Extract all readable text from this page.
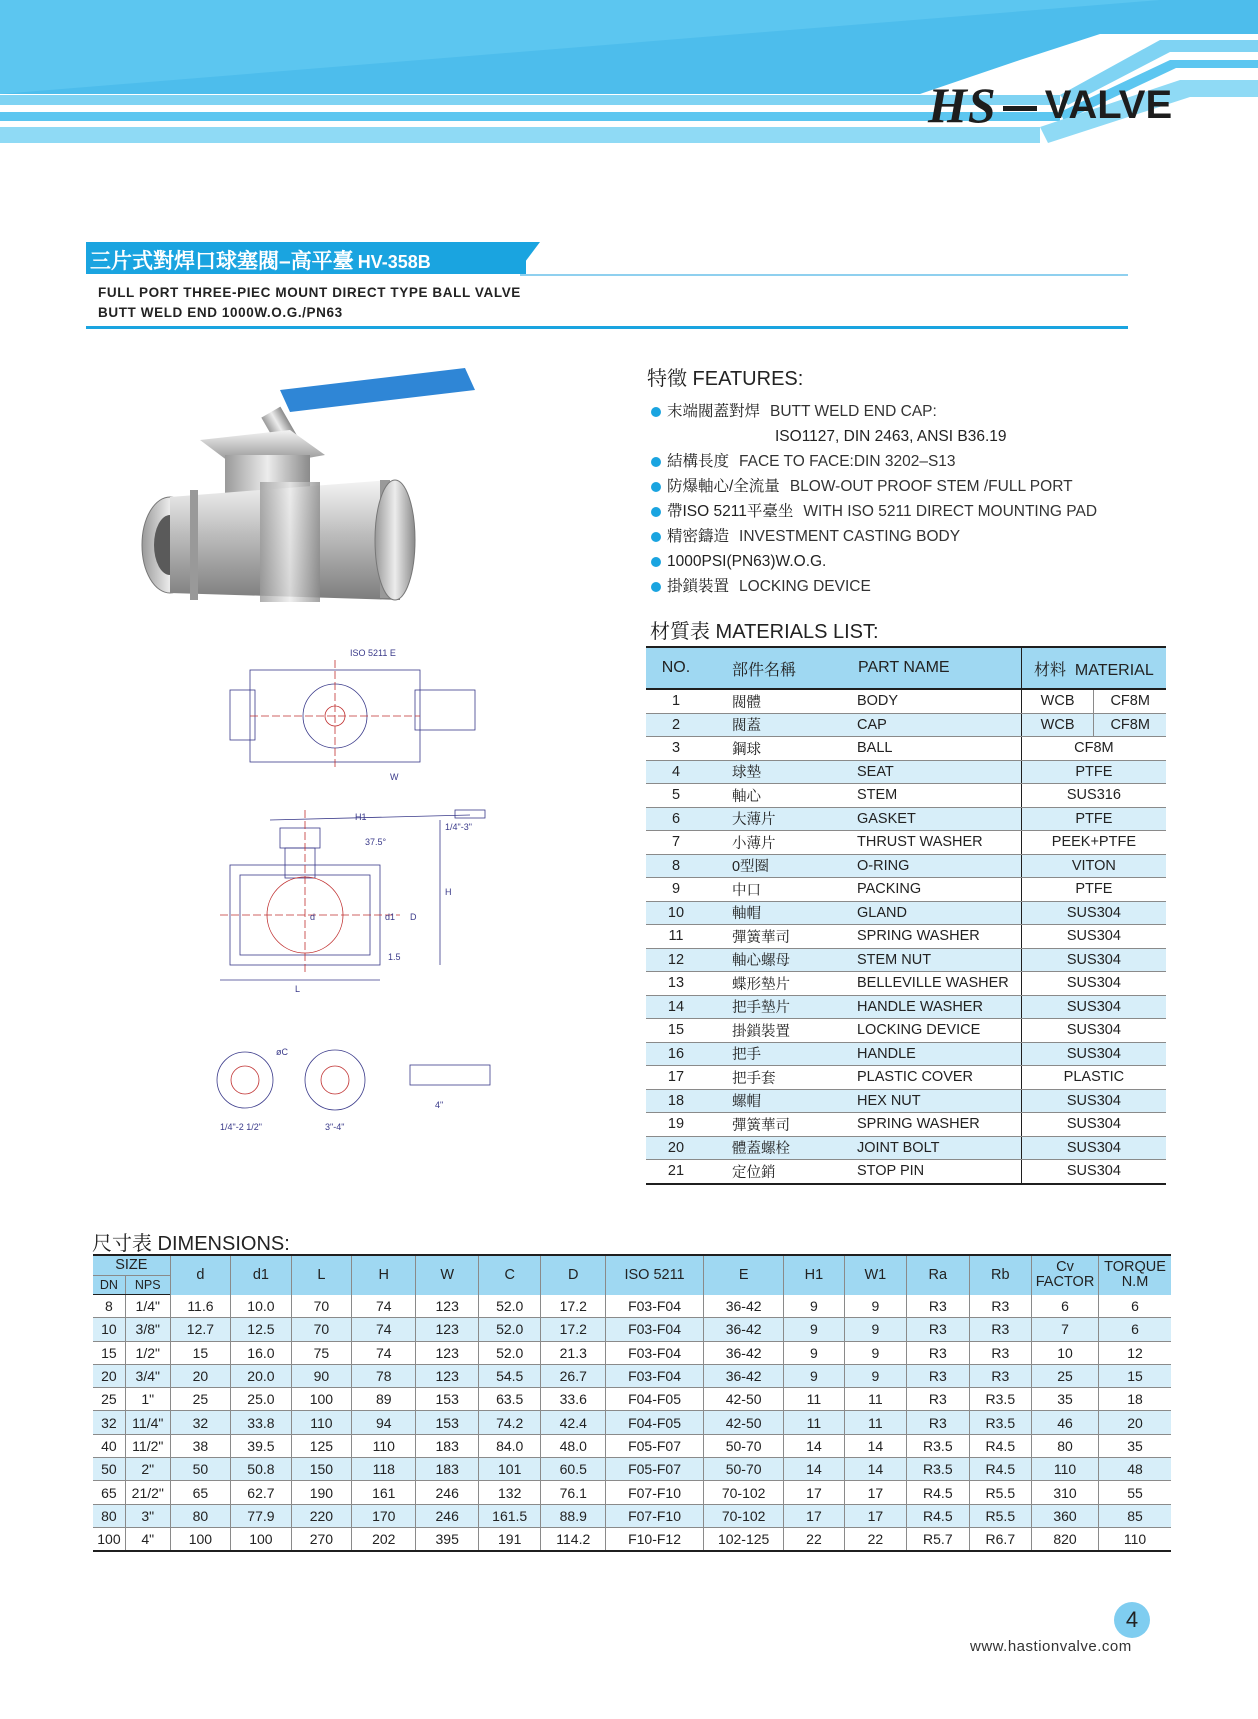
HS VALVE
三片式對焊口球塞閥–高平臺 HV-358B
FULL PORT THREE-PIEC MOUNT DIRECT TYPE BALL VALVE
BUTT WELD END 1000W.O.G./PN63
ISO 5211 E
W
1/4"-3"
L
H
37.5°
H1
d	d1 D
1.5
1/4"-2 1/2"	3"-4"
4"
øC
特徵 FEATURES:
末端閥蓋對焊 BUTT WELD END CAP:
ISO1127, DIN 2463, ANSI B36.19
結構長度 FACE TO FACE:DIN 3202–S13
防爆軸心/全流量 BLOW-OUT PROOF STEM /FULL PORT
帶ISO 5211平臺坐 WITH ISO 5211 DIRECT MOUNTING PAD
精密鑄造 INVESTMENT CASTING BODY
1000PSI(PN63)W.O.G.
掛鎖裝置 LOCKING DEVICE
材質表 MATERIALS LIST:
NO.	部件名稱	PART NAME	材料 MATERIAL	
1	閥體	BODY	WCB	CF8M
2	閥蓋	CAP	WCB	CF8M
3	鋼球	BALL	CF8M	
4	球墊	SEAT	PTFE	
5	軸心	STEM	SUS316	
6	大薄片	GASKET	PTFE	
7	小薄片	THRUST WASHER	PEEK+PTFE	
8	0型圈	O-RING	VITON	
9	中口	PACKING	PTFE	
10	軸帽	GLAND	SUS304	
11	彈簧華司	SPRING WASHER	SUS304	
12	軸心螺母	STEM NUT	SUS304	
13	蝶形墊片	BELLEVILLE WASHER	SUS304	
14	把手墊片	HANDLE WASHER	SUS304	
15	掛鎖裝置	LOCKING DEVICE	SUS304	
16	把手	HANDLE	SUS304	
17	把手套	PLASTIC COVER	PLASTIC	
18	螺帽	HEX NUT	SUS304	
19	彈簧華司	SPRING WASHER	SUS304	
20	體蓋螺栓	JOINT BOLT	SUS304	
21	定位銷	STOP PIN	SUS304	
尺寸表 DIMENSIONS:
SIZE		d	d1	L	H	W	C	D	ISO 5211	E	H1	W1	Ra	Rb	Cv FACTOR	TORQUE N.M
DN	NPS															
8	1/4"	11.6	10.0	70	74	123	52.0	17.2	F03-F04	36-42	9	9	R3	R3	6	6
10	3/8"	12.7	12.5	70	74	123	52.0	17.2	F03-F04	36-42	9	9	R3	R3	7	6
15	1/2"	15	16.0	75	74	123	52.0	21.3	F03-F04	36-42	9	9	R3	R3	10	12
20	3/4"	20	20.0	90	78	123	54.5	26.7	F03-F04	36-42	9	9	R3	R3	25	15
25	1"	25	25.0	100	89	153	63.5	33.6	F04-F05	42-50	11	11	R3	R3.5	35	18
32	11/4"	32	33.8	110	94	153	74.2	42.4	F04-F05	42-50	11	11	R3	R3.5	46	20
40	11/2"	38	39.5	125	110	183	84.0	48.0	F05-F07	50-70	14	14	R3.5	R4.5	80	35
50	2"	50	50.8	150	118	183	101	60.5	F05-F07	50-70	14	14	R3.5	R4.5	110	48
65	21/2"	65	62.7	190	161	246	132	76.1	F07-F10	70-102	17	17	R4.5	R5.5	310	55
80	3"	80	77.9	220	170	246	161.5	88.9	F07-F10	70-102	17	17	R4.5	R5.5	360	85
100	4"	100	100	270	202	395	191	114.2	F10-F12	102-125	22	22	R5.7	R6.7	820	110
4
www.hastionvalve.com
